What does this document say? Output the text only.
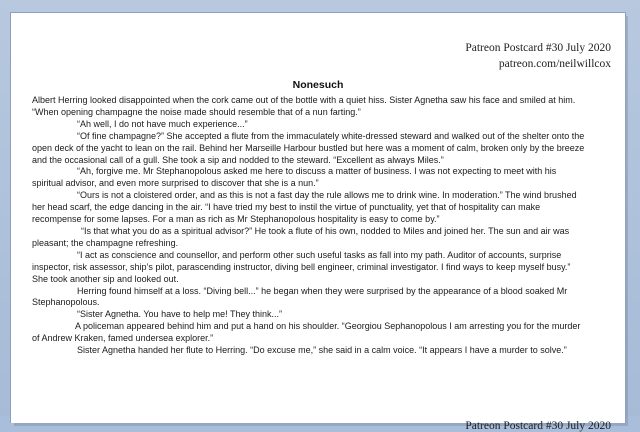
Patreon Postcard #30 July 2020
patreon.com/neilwillcox
Nonesuch

Albert Herring looked disappointed when the cork came out of the bottle with a quiet hiss. Sister Agnetha saw his face and smiled at him. “When opening champagne the noise made should resemble that of a nun farting.”

“Ah well, I do not have much experience...”

“Of fine champagne?” She accepted a flute from the immaculately white-dressed steward and walked out of the shelter onto the open deck of the yacht to lean on the rail. Behind her Marseille Harbour bustled but here was a moment of calm, broken only by the breeze and the occasional call of a gull. She took a sip and nodded to the steward. “Excellent as always Miles.”

“Ah, forgive me. Mr Stephanopolous asked me here to discuss a matter of business. I was not expecting to meet with his spiritual advisor, and even more surprised to discover that she is a nun.”

“Ours is not a cloistered order, and as this is not a fast day the rule allows me to drink wine. In moderation.” The wind brushed her head scarf, the edge dancing in the air. “I have tried my best to instil the virtue of punctuality, yet that of hospitality can make recompense for some lapses. For a man as rich as Mr Stephanopolous hospitality is easy to come by.”

“Is that what you do as a spiritual advisor?” He took a flute of his own, nodded to Miles and joined her. The sun and air was pleasant; the champagne refreshing.

“I act as conscience and counsellor, and perform other such useful tasks as fall into my path. Auditor of accounts, surprise inspector, risk assessor, ship’s pilot, parascending instructor, diving bell engineer, criminal investigator. I find ways to keep myself busy.” She took another sip and looked out.

Herring found himself at a loss. “Diving bell...” he began when they were surprised by the appearance of a blood soaked Mr Stephanopolous.

“Sister Agnetha. You have to help me! They think...”

A policeman appeared behind him and put a hand on his shoulder. “Georgiou Sephanopolous I am arresting you for the murder of Andrew Kraken, famed undersea explorer.”

Sister Agnetha handed her flute to Herring. “Do excuse me,” she said in a calm voice. “It appears I have a murder to solve.”

Patreon Postcard #30 July 2020
